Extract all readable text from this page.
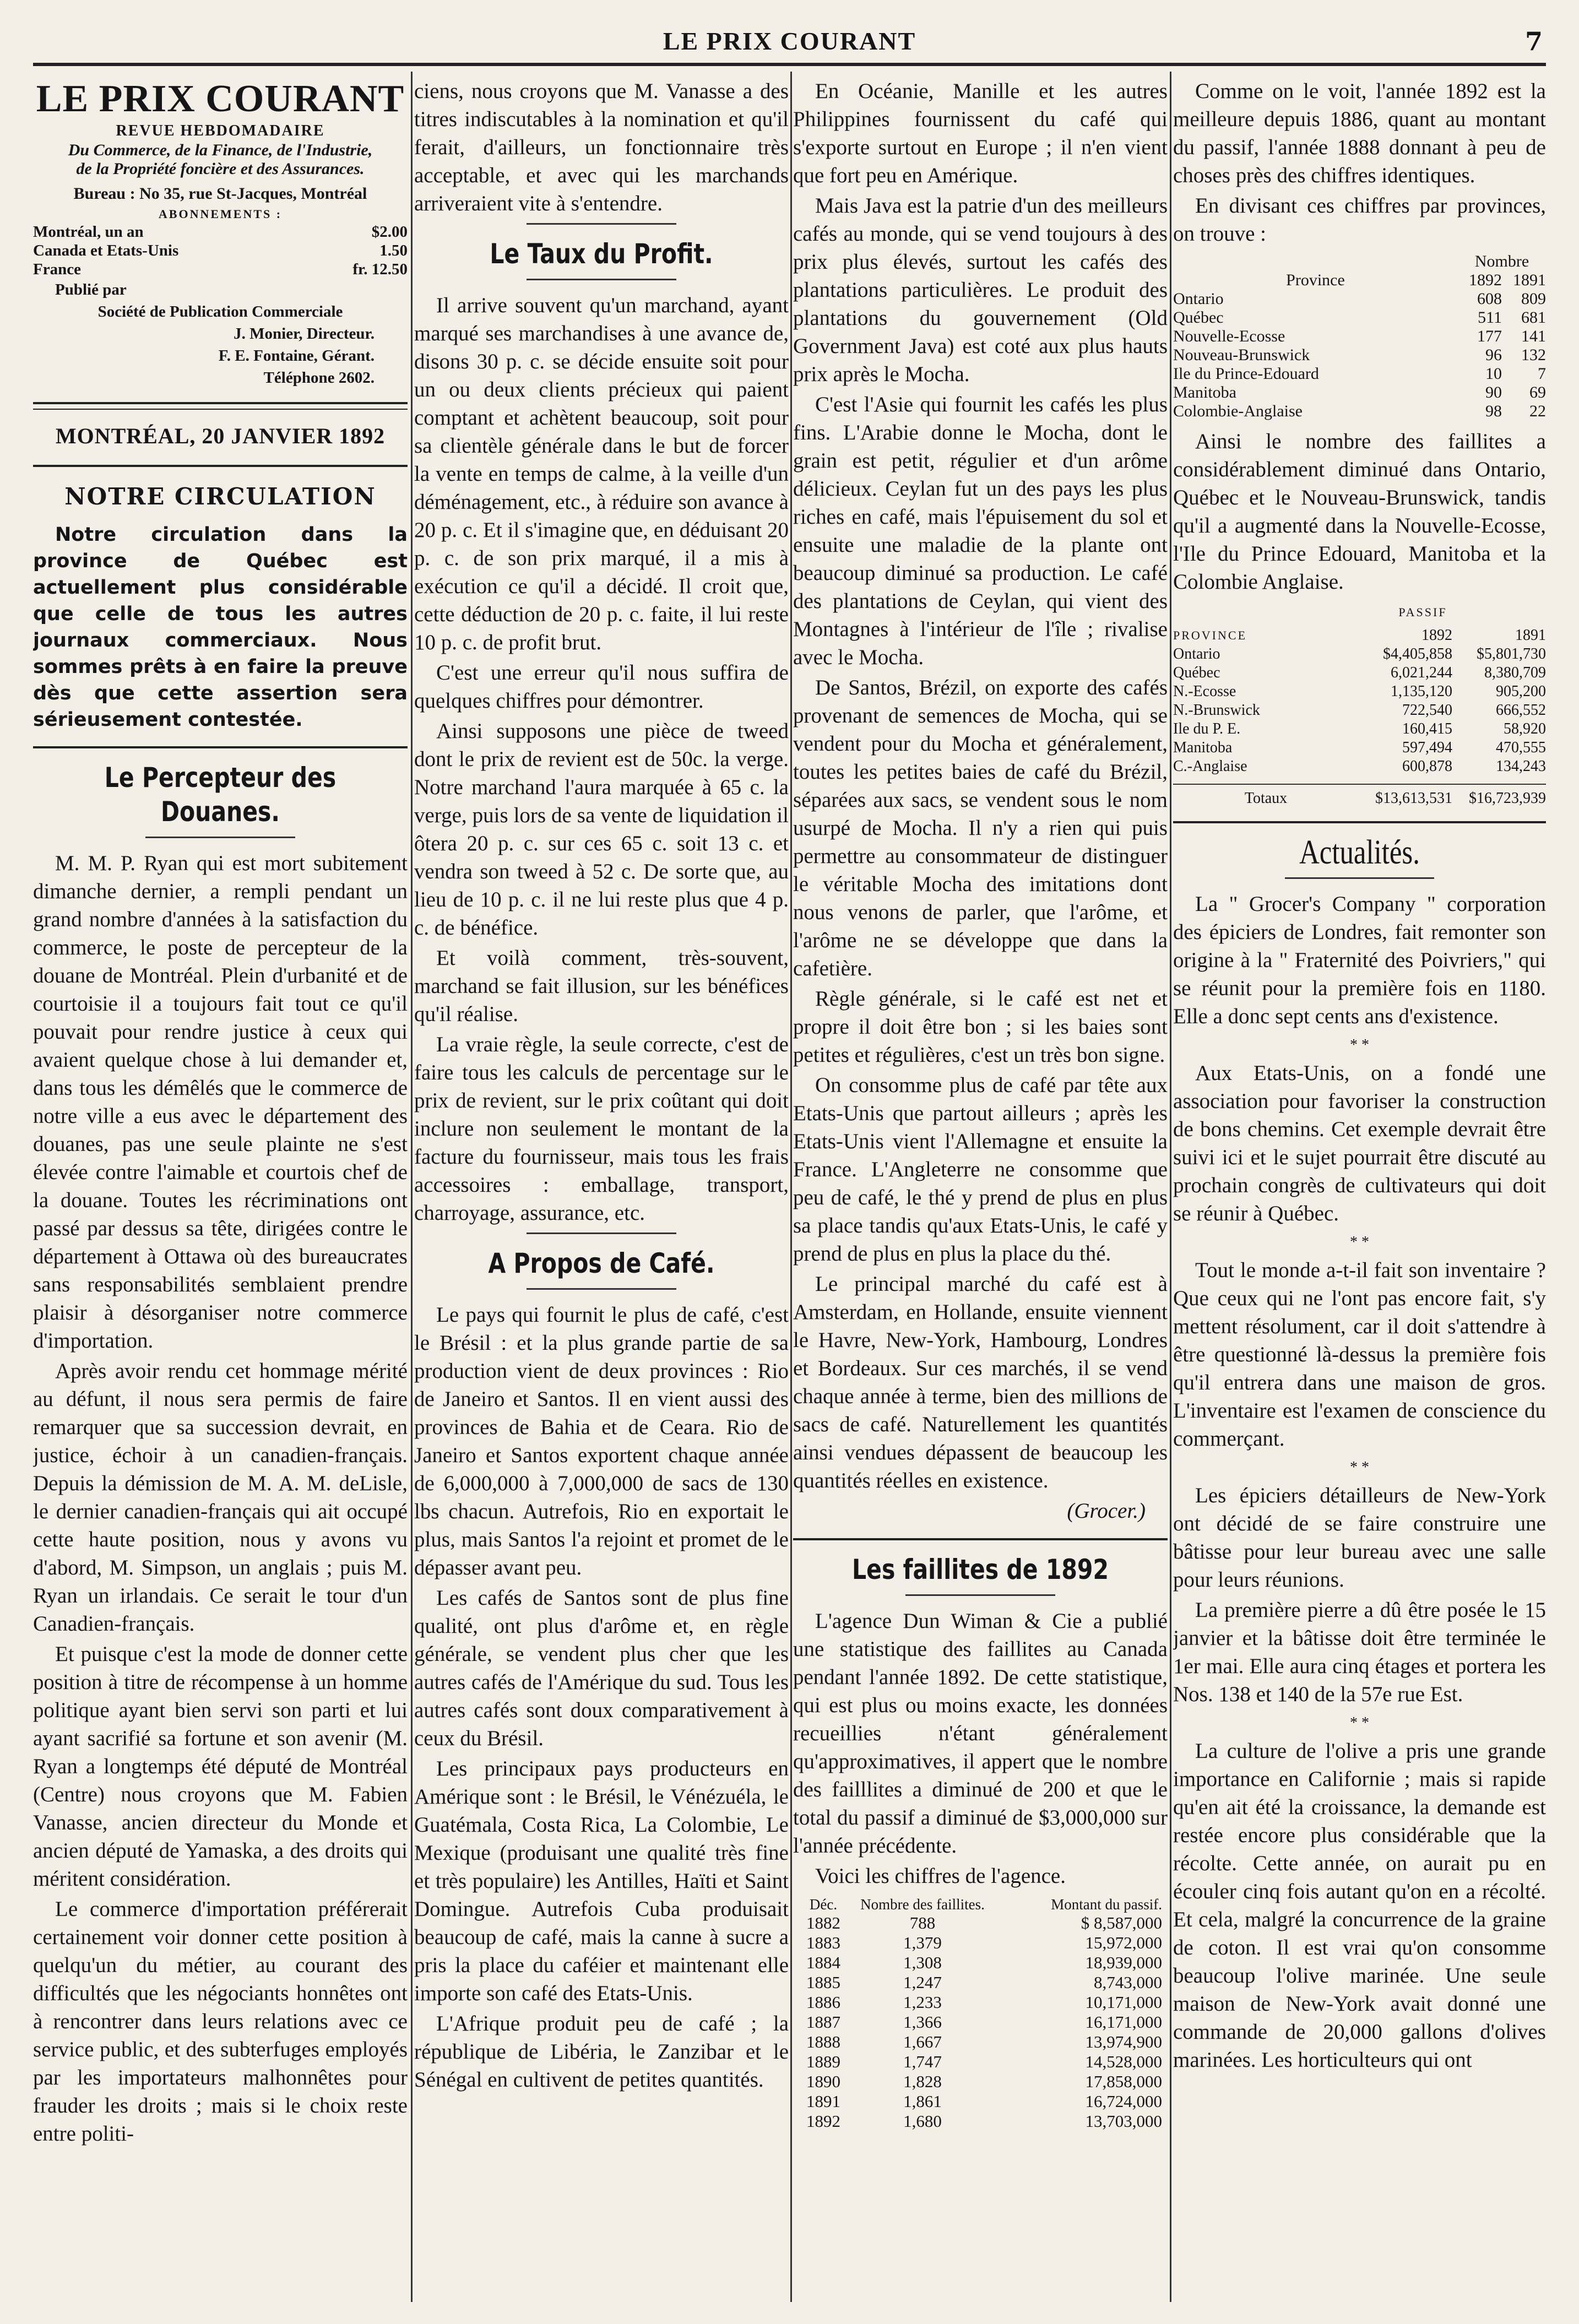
LE PRIX COURANT	7
LE PRIX COURANT
REVUE HEBDOMADAIRE
Du Commerce, de la Finance, de l'Industrie,
de la Propriété foncière et des Assurances.
Bureau : No 35, rue St-Jacques, Montréal
ABONNEMENTS :
Montréal, un an	$2.00
Canada et Etats-Unis	1.50
France	fr. 12.50
Publié par
Société de Publication Commerciale
J. Monier, Directeur.
F. E. Fontaine, Gérant.
Téléphone 2602.
MONTRÉAL, 20 JANVIER 1892
NOTRE CIRCULATION
Notre circulation dans la province de Québec est actuellement plus considérable que celle de tous les autres journaux commerciaux. Nous sommes prêts à en faire la preuve dès que cette assertion sera sérieusement contestée.
Le Percepteur des Douanes.

M. M. P. Ryan qui est mort subitement dimanche dernier, a rempli pendant un grand nombre d'années à la satisfaction du commerce, le poste de percepteur de la douane de Montréal. Plein d'urbanité et de courtoisie il a toujours fait tout ce qu'il pouvait pour rendre justice à ceux qui avaient quelque chose à lui demander et, dans tous les démêlés que le commerce de notre ville a eus avec le département des douanes, pas une seule plainte ne s'est élevée contre l'aimable et courtois chef de la douane. Toutes les récriminations ont passé par dessus sa tête, dirigées contre le département à Ottawa où des bureaucrates sans responsabilités semblaient prendre plaisir à désorganiser notre commerce d'importation.

Après avoir rendu cet hommage mérité au défunt, il nous sera permis de faire remarquer que sa succession devrait, en justice, échoir à un canadien-français. Depuis la démission de M. A. M. deLisle, le dernier canadien-français qui ait occupé cette haute position, nous y avons vu d'abord, M. Simpson, un anglais ; puis M. Ryan un irlandais. Ce serait le tour d'un Canadien-français.

Et puisque c'est la mode de donner cette position à titre de récompense à un homme politique ayant bien servi son parti et lui ayant sacrifié sa fortune et son avenir (M. Ryan a longtemps été député de Montréal (Centre) nous croyons que M. Fabien Vanasse, ancien directeur du Monde et ancien député de Yamaska, a des droits qui méritent considération.

Le commerce d'importation préférerait certainement voir donner cette position à quelqu'un du métier, au courant des difficultés que les négociants honnêtes ont à rencontrer dans leurs relations avec ce service public, et des subterfuges employés par les importateurs malhonnêtes pour frauder les droits ; mais si le choix reste entre politi-

ciens, nous croyons que M. Vanasse a des titres indiscutables à la nomination et qu'il ferait, d'ailleurs, un fonctionnaire très acceptable, et avec qui les marchands arriveraient vite à s'entendre.

Le Taux du Profit.

Il arrive souvent qu'un marchand, ayant marqué ses marchandises à une avance de, disons 30 p. c. se décide ensuite soit pour un ou deux clients précieux qui paient comptant et achètent beaucoup, soit pour sa clientèle générale dans le but de forcer la vente en temps de calme, à la veille d'un déménagement, etc., à réduire son avance à 20 p. c. Et il s'imagine que, en déduisant 20 p. c. de son prix marqué, il a mis à exécution ce qu'il a décidé. Il croit que, cette déduction de 20 p. c. faite, il lui reste 10 p. c. de profit brut.

C'est une erreur qu'il nous suffira de quelques chiffres pour démontrer.

Ainsi supposons une pièce de tweed dont le prix de revient est de 50c. la verge. Notre marchand l'aura marquée à 65 c. la verge, puis lors de sa vente de liquidation il ôtera 20 p. c. sur ces 65 c. soit 13 c. et vendra son tweed à 52 c. De sorte que, au lieu de 10 p. c. il ne lui reste plus que 4 p. c. de bénéfice.

Et voilà comment, très-souvent, marchand se fait illusion, sur les bénéfices qu'il réalise.

La vraie règle, la seule correcte, c'est de faire tous les calculs de percentage sur le prix de revient, sur le prix coûtant qui doit inclure non seulement le montant de la facture du fournisseur, mais tous les frais accessoires : emballage, transport, charroyage, assurance, etc.

A Propos de Café.

Le pays qui fournit le plus de café, c'est le Brésil : et la plus grande partie de sa production vient de deux provinces : Rio de Janeiro et Santos. Il en vient aussi des provinces de Bahia et de Ceara. Rio de Janeiro et Santos exportent chaque année de 6,000,000 à 7,000,000 de sacs de 130 lbs chacun. Autrefois, Rio en exportait le plus, mais Santos l'a rejoint et promet de le dépasser avant peu.

Les cafés de Santos sont de plus fine qualité, ont plus d'arôme et, en règle générale, se vendent plus cher que les autres cafés de l'Amérique du sud. Tous les autres cafés sont doux comparativement à ceux du Brésil.

Les principaux pays producteurs en Amérique sont : le Brésil, le Vénézuéla, le Guatémala, Costa Rica, La Colombie, Le Mexique (produisant une qualité très fine et très populaire) les Antilles, Haïti et Saint Domingue. Autrefois Cuba produisait beaucoup de café, mais la canne à sucre a pris la place du caféier et maintenant elle importe son café des Etats-Unis.

L'Afrique produit peu de café ; la république de Libéria, le Zanzibar et le Sénégal en cultivent de petites quantités.

En Océanie, Manille et les autres Philippines fournissent du café qui s'exporte surtout en Europe ; il n'en vient que fort peu en Amérique.

Mais Java est la patrie d'un des meilleurs cafés au monde, qui se vend toujours à des prix plus élevés, surtout les cafés des plantations particulières. Le produit des plantations du gouvernement (Old Government Java) est coté aux plus hauts prix après le Mocha.

C'est l'Asie qui fournit les cafés les plus fins. L'Arabie donne le Mocha, dont le grain est petit, régulier et d'un arôme délicieux. Ceylan fut un des pays les plus riches en café, mais l'épuisement du sol et ensuite une maladie de la plante ont beaucoup diminué sa production. Le café des plantations de Ceylan, qui vient des Montagnes à l'intérieur de l'île ; rivalise avec le Mocha.

De Santos, Brézil, on exporte des cafés provenant de semences de Mocha, qui se vendent pour du Mocha et généralement, toutes les petites baies de café du Brézil, séparées aux sacs, se vendent sous le nom usurpé de Mocha. Il n'y a rien qui puis permettre au consommateur de distinguer le véritable Mocha des imitations dont nous venons de parler, que l'arôme, et l'arôme ne se développe que dans la cafetière.

Règle générale, si le café est net et propre il doit être bon ; si les baies sont petites et régulières, c'est un très bon signe.

On consomme plus de café par tête aux Etats-Unis que partout ailleurs ; après les Etats-Unis vient l'Allemagne et ensuite la France. L'Angleterre ne consomme que peu de café, le thé y prend de plus en plus sa place tandis qu'aux Etats-Unis, le café y prend de plus en plus la place du thé.

Le principal marché du café est à Amsterdam, en Hollande, ensuite viennent le Havre, New-York, Hambourg, Londres et Bordeaux. Sur ces marchés, il se vend chaque année à terme, bien des millions de sacs de café. Naturellement les quantités ainsi vendues dépassent de beaucoup les quantités réelles en existence.

(Grocer.)
Les faillites de 1892

L'agence Dun Wiman & Cie a publié une statistique des faillites au Canada pendant l'année 1892. De cette statistique, qui est plus ou moins exacte, les données recueillies n'étant généralement qu'approximatives, il appert que le nombre des failllites a diminué de 200 et que le total du passif a diminué de $3,000,000 sur l'année précédente.

Voici les chiffres de l'agence.

Déc.	Nombre des faillites.	Montant du passif.
1882	788	$ 8,587,000
1883	1,379	15,972,000
1884	1,308	18,939,000
1885	1,247	8,743,000
1886	1,233	10,171,000
1887	1,366	16,171,000
1888	1,667	13,974,900
1889	1,747	14,528,000
1890	1,828	17,858,000
1891	1,861	16,724,000
1892	1,680	13,703,000

Comme on le voit, l'année 1892 est la meilleure depuis 1886, quant au montant du passif, l'année 1888 donnant à peu de choses près des chiffres identiques.

En divisant ces chiffres par provinces, on trouve :

Nombre
Province	1892 1891
Ontario	608	809
Québec	511	681
Nouvelle-Ecosse	177	141
Nouveau-Brunswick	96	132
Ile du Prince-Edouard	10	7
Manitoba	90	69
Colombie-Anglaise	98	22

Ainsi le nombre des faillites a considérablement diminué dans Ontario, Québec et le Nouveau-Brunswick, tandis qu'il a augmenté dans la Nouvelle-Ecosse, l'Ile du Prince Edouard, Manitoba et la Colombie Anglaise.

PASSIF
PROVINCE	1892	1891
Ontario	$4,405,858	$5,801,730
Québec	6,021,244	8,380,709
N.-Ecosse	1,135,120	905,200
N.-Brunswick	722,540	666,552
Ile du P. E.	160,415	58,920
Manitoba	597,494	470,555
C.-Anglaise	600,878	134,243
Totaux	$13,613,531	$16,723,939
Actualités.

La " Grocer's Company " corporation des épiciers de Londres, fait remonter son origine à la " Fraternité des Poivriers," qui se réunit pour la première fois en 1180. Elle a donc sept cents ans d'existence.

* *

Aux Etats-Unis, on a fondé une association pour favoriser la construction de bons chemins. Cet exemple devrait être suivi ici et le sujet pourrait être discuté au prochain congrès de cultivateurs qui doit se réunir à Québec.

* *

Tout le monde a-t-il fait son inventaire ? Que ceux qui ne l'ont pas encore fait, s'y mettent résolument, car il doit s'attendre à être questionné là-dessus la première fois qu'il entrera dans une maison de gros. L'inventaire est l'examen de conscience du commerçant.

* *

Les épiciers détailleurs de New-York ont décidé de se faire construire une bâtisse pour leur bureau avec une salle pour leurs réunions.

La première pierre a dû être posée le 15 janvier et la bâtisse doit être terminée le 1er mai. Elle aura cinq étages et portera les Nos. 138 et 140 de la 57e rue Est.

* *

La culture de l'olive a pris une grande importance en Californie ; mais si rapide qu'en ait été la croissance, la demande est restée encore plus considérable que la récolte. Cette année, on aurait pu en écouler cinq fois autant qu'on en a récolté. Et cela, malgré la concurrence de la graine de coton. Il est vrai qu'on consomme beaucoup l'olive marinée. Une seule maison de New-York avait donné une commande de 20,000 gallons d'olives marinées. Les horticulteurs qui ont
